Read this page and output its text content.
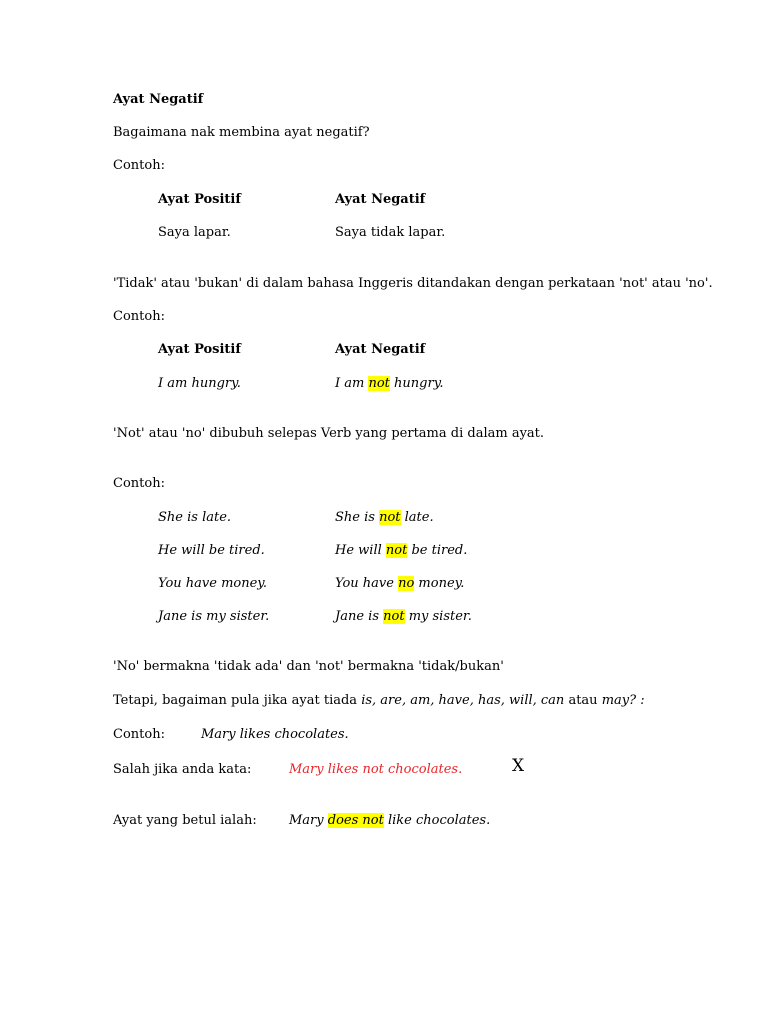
Ayat Negatif
Bagaimana nak membina ayat negatif?
Contoh:
Ayat Positif	Ayat Negatif
Saya lapar.	Saya tidak lapar.
'Tidak' atau 'bukan' di dalam bahasa Inggeris ditandakan dengan perkataan 'not' atau 'no'.
Contoh:
Ayat Positif	Ayat Negatif
I am hungry.	I am not hungry.
'Not' atau 'no' dibubuh selepas Verb yang pertama di dalam ayat.
Contoh:
She is late.	She is not late.
He will be tired.	He will not be tired.
You have money.	You have no money.
Jane is my sister.	Jane is not my sister.
'No' bermakna 'tidak ada' dan 'not' bermakna 'tidak/bukan'
Tetapi, bagaiman pula jika ayat tiada is, are, am, have, has, will, can atau may? :
Contoh:	Mary likes chocolates.
Salah jika anda kata:	Mary likes not chocolates.	X
Ayat yang betul ialah: Mary does not like chocolates.
